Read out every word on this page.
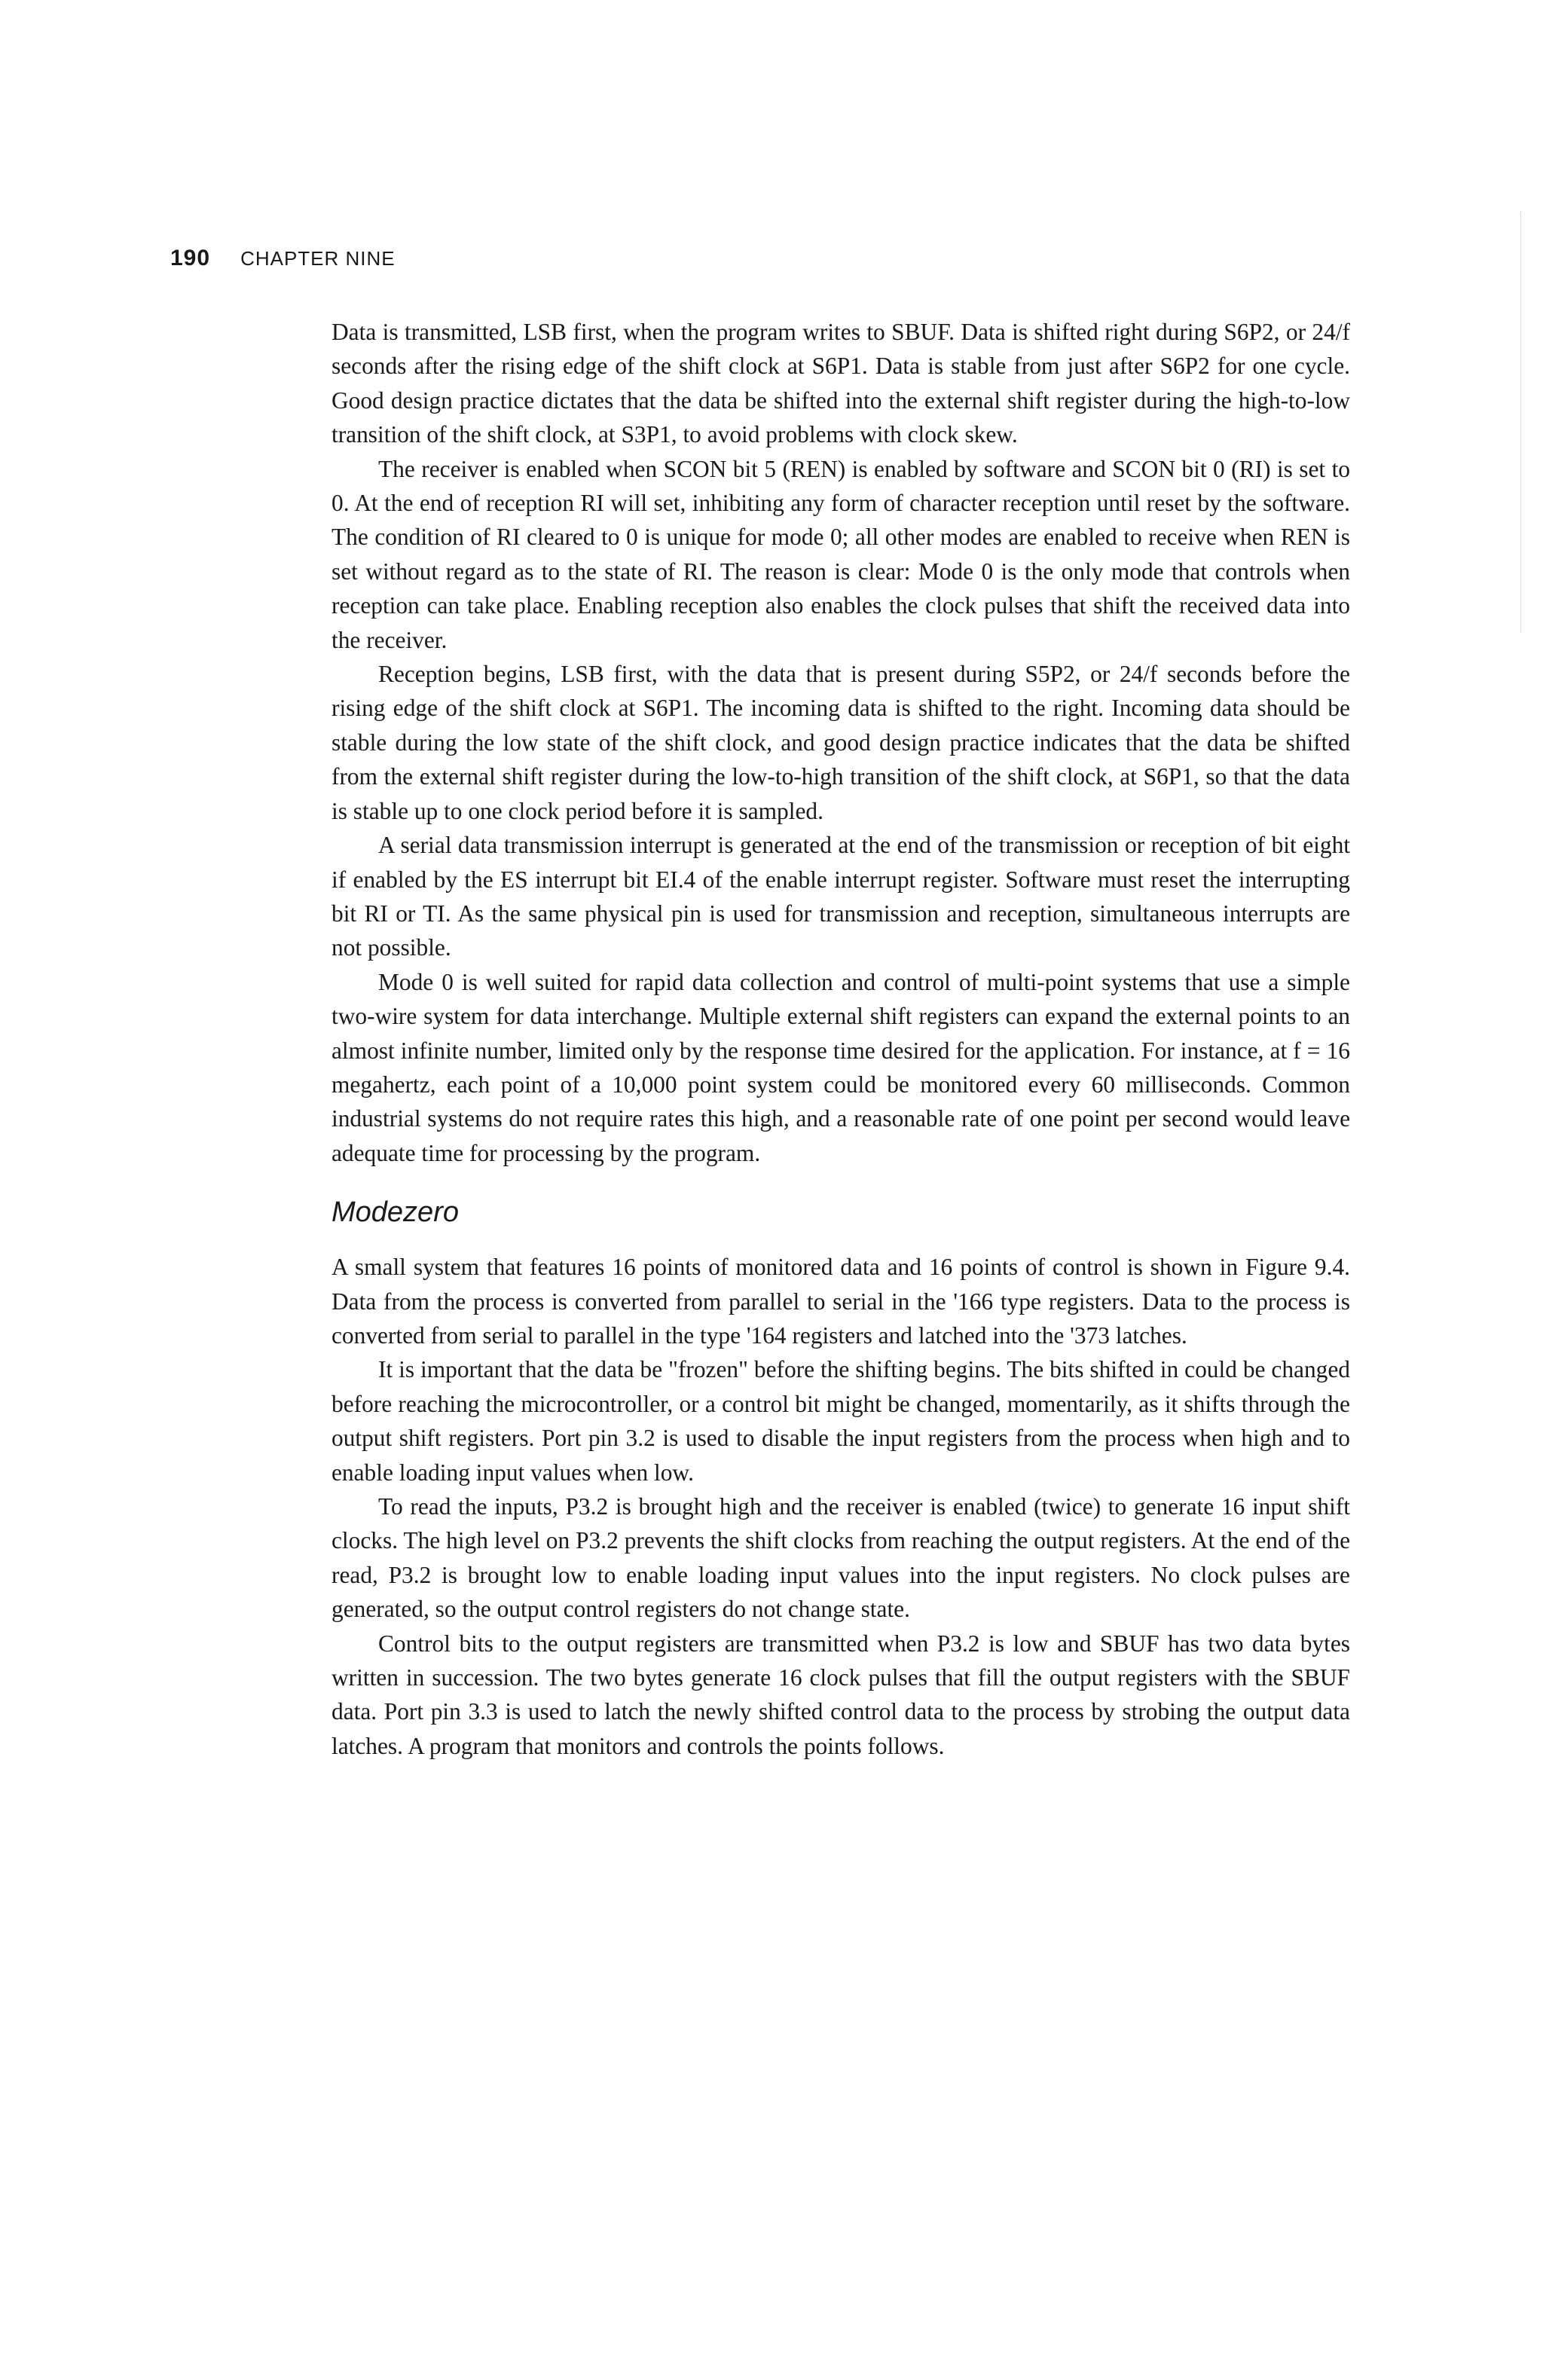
190 CHAPTER NINE

Data is transmitted, LSB first, when the program writes to SBUF. Data is shifted right during S6P2, or 24/f seconds after the rising edge of the shift clock at S6P1. Data is stable from just after S6P2 for one cycle. Good design practice dictates that the data be shifted into the external shift register during the high-to-low transition of the shift clock, at S3P1, to avoid problems with clock skew.

The receiver is enabled when SCON bit 5 (REN) is enabled by software and SCON bit 0 (RI) is set to 0. At the end of reception RI will set, inhibiting any form of character reception until reset by the software. The condition of RI cleared to 0 is unique for mode 0; all other modes are enabled to receive when REN is set without regard as to the state of RI. The reason is clear: Mode 0 is the only mode that controls when reception can take place. Enabling reception also enables the clock pulses that shift the received data into the receiver.

Reception begins, LSB first, with the data that is present during S5P2, or 24/f seconds before the rising edge of the shift clock at S6P1. The incoming data is shifted to the right. Incoming data should be stable during the low state of the shift clock, and good design practice indicates that the data be shifted from the external shift register during the low-to-high transition of the shift clock, at S6P1, so that the data is stable up to one clock period before it is sampled.

A serial data transmission interrupt is generated at the end of the transmission or reception of bit eight if enabled by the ES interrupt bit EI.4 of the enable interrupt register. Software must reset the interrupting bit RI or TI. As the same physical pin is used for transmission and reception, simultaneous interrupts are not possible.

Mode 0 is well suited for rapid data collection and control of multi-point systems that use a simple two-wire system for data interchange. Multiple external shift registers can expand the external points to an almost infinite number, limited only by the response time desired for the application. For instance, at f = 16 megahertz, each point of a 10,000 point system could be monitored every 60 milliseconds. Common industrial systems do not require rates this high, and a reasonable rate of one point per second would leave adequate time for processing by the program.

Modezero

A small system that features 16 points of monitored data and 16 points of control is shown in Figure 9.4. Data from the process is converted from parallel to serial in the '166 type registers. Data to the process is converted from serial to parallel in the type '164 registers and latched into the '373 latches.

It is important that the data be "frozen" before the shifting begins. The bits shifted in could be changed before reaching the microcontroller, or a control bit might be changed, momentarily, as it shifts through the output shift registers. Port pin 3.2 is used to disable the input registers from the process when high and to enable loading input values when low.

To read the inputs, P3.2 is brought high and the receiver is enabled (twice) to generate 16 input shift clocks. The high level on P3.2 prevents the shift clocks from reaching the output registers. At the end of the read, P3.2 is brought low to enable loading input values into the input registers. No clock pulses are generated, so the output control registers do not change state.

Control bits to the output registers are transmitted when P3.2 is low and SBUF has two data bytes written in succession. The two bytes generate 16 clock pulses that fill the output registers with the SBUF data. Port pin 3.3 is used to latch the newly shifted control data to the process by strobing the output data latches. A program that monitors and controls the points follows.
